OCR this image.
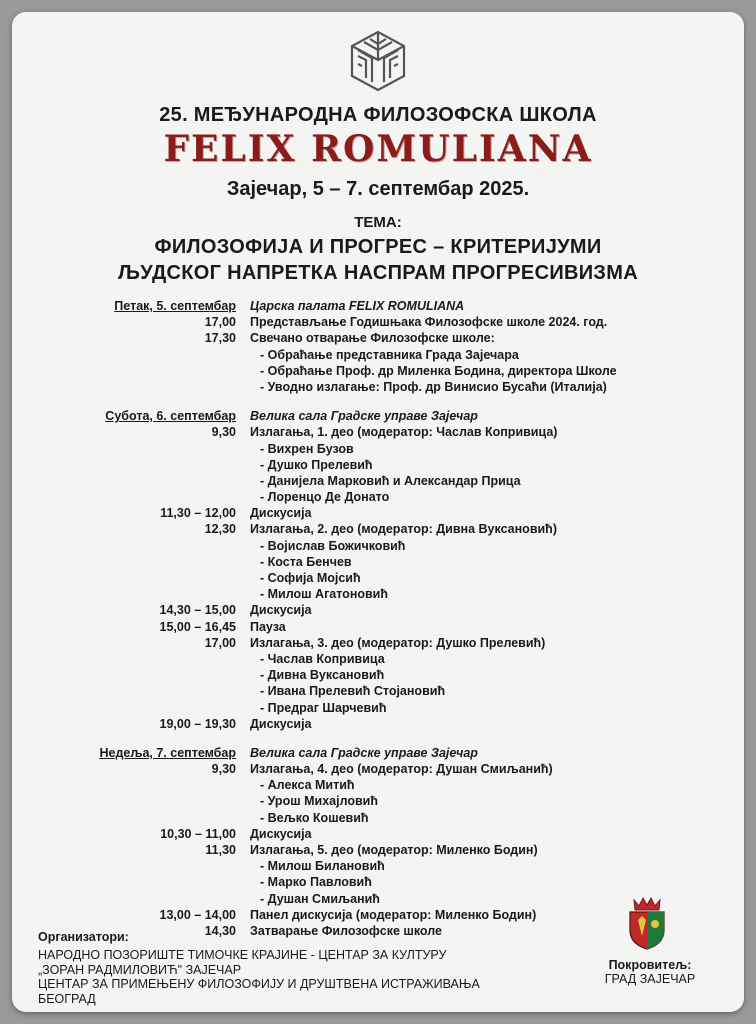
25. МЕЂУНАРОДНА ФИЛОЗОФСКА ШКОЛА
FELIX ROMULIANA
Зајечар, 5 – 7. септембар 2025.
ТЕМА:
ФИЛОЗОФИЈА И ПРОГРЕС – КРИТЕРИЈУМИ
ЉУДСКОГ НАПРЕТКА НАСПРАМ ПРОГРЕСИВИЗМА
Петак, 5. септембар	Царска палата FELIX ROMULIANA
17,00	Представљање Годишњака Филозофске школе 2024. год.
17,30	Свечано отварање Филозофске школе:
- Обраћање представника Града Зајечара
- Обраћање Проф. др Миленка Бодина, директора Школе
- Уводно излагање: Проф. др Винисио Бусаћи (Италија)
Субота, 6. септембар	Велика сала Градске управе Зајечар
9,30	Излагања, 1. део (модератор: Часлав Копривица)
- Вихрен Бузов
- Душко Прелевић
- Данијела Марковић и Александар Прица
- Лоренцо Де Донато
11,30 – 12,00	Дискусија
12,30	Излагања, 2. део (модератор: Дивна Вуксановић)
- Војислав Божичковић
- Коста Бенчев
- Софија Мојсић
- Милош Агатоновић
14,30 – 15,00	Дискусија
15,00 – 16,45	Пауза
17,00	Излагања, 3. део (модератор: Душко Прелевић)
- Часлав Копривица
- Дивна Вуксановић
- Ивана Прелевић Стојановић
- Предраг Шарчевић
19,00 – 19,30	Дискусија
Недеља, 7. септембар	Велика сала Градске управе Зајечар
9,30	Излагања, 4. део (модератор: Душан Смиљанић)
- Алекса Митић
- Урош Михајловић
- Вељко Кошевић
10,30 – 11,00	Дискусија
11,30	Излагања, 5. део (модератор: Миленко Бодин)
- Милош Билановић
- Марко Павловић
- Душан Смиљанић
13,00 – 14,00	Панел дискусија (модератор: Миленко Бодин)
14,30	Затварање Филозофске школе
Организатори:
НАРОДНО ПОЗОРИШТЕ ТИМОЧКЕ КРАЈИНЕ - ЦЕНТАР ЗА КУЛТУРУ
„ЗОРАН РАДМИЛОВИЋ" ЗАЈЕЧАР
ЦЕНТАР ЗА ПРИМЕЊЕНУ ФИЛОЗОФИЈУ И ДРУШТВЕНА ИСТРАЖИВАЊА
БЕОГРАД
Покровитељ:
ГРАД ЗАЈЕЧАР
